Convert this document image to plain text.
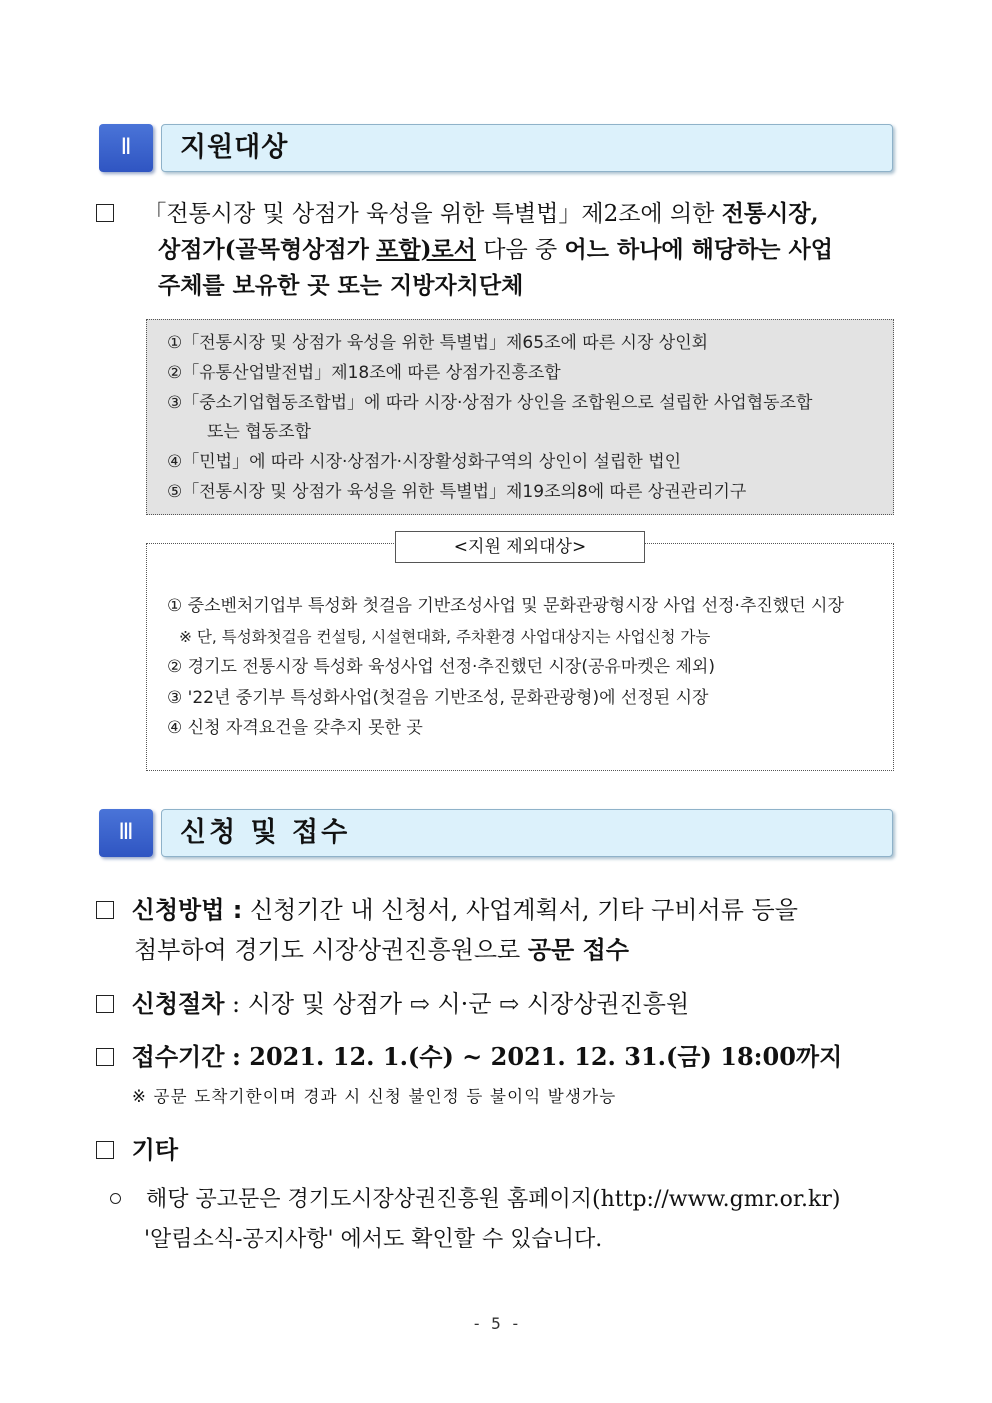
Ⅱ	지원대상
「전통시장 및 상점가 육성을 위한 특별법」제2조에 의한 전통시장,
상점가(골목형상점가 포함)로서 다음 중 어느 하나에 해당하는 사업
주체를 보유한 곳 또는 지방자치단체
①「전통시장 및 상점가 육성을 위한 특별법」제65조에 따른 시장 상인회
②「유통산업발전법」제18조에 따른 상점가진흥조합
③「중소기업협동조합법」에 따라 시장·상점가 상인을 조합원으로 설립한 사업협동조합
또는 협동조합
④「민법」에 따라 시장·상점가·시장활성화구역의 상인이 설립한 법인
⑤「전통시장 및 상점가 육성을 위한 특별법」제19조의8에 따른 상권관리기구
<지원 제외대상>
① 중소벤처기업부 특성화 첫걸음 기반조성사업 및 문화관광형시장 사업 선정·추진했던 시장
※ 단, 특성화첫걸음 컨설팅, 시설현대화, 주차환경 사업대상지는 사업신청 가능
② 경기도 전통시장 특성화 육성사업 선정·추진했던 시장(공유마켓은 제외)
③ '22년 중기부 특성화사업(첫걸음 기반조성, 문화관광형)에 선정된 시장
④ 신청 자격요건을 갖추지 못한 곳
Ⅲ	신청 및 접수
신청방법 : 신청기간 내 신청서, 사업계획서, 기타 구비서류 등을
첨부하여 경기도 시장상권진흥원으로 공문 접수
신청절차 : 시장 및 상점가 ⇨ 시·군 ⇨ 시장상권진흥원
접수기간 : 2021. 12. 1.(수) ~ 2021. 12. 31.(금) 18:00까지
※ 공문 도착기한이며 경과 시 신청 불인정 등 불이익 발생가능
기타
해당 공고문은 경기도시장상권진흥원 홈페이지(http://www.gmr.or.kr)
'알림소식-공지사항' 에서도 확인할 수 있습니다.
- 5 -
